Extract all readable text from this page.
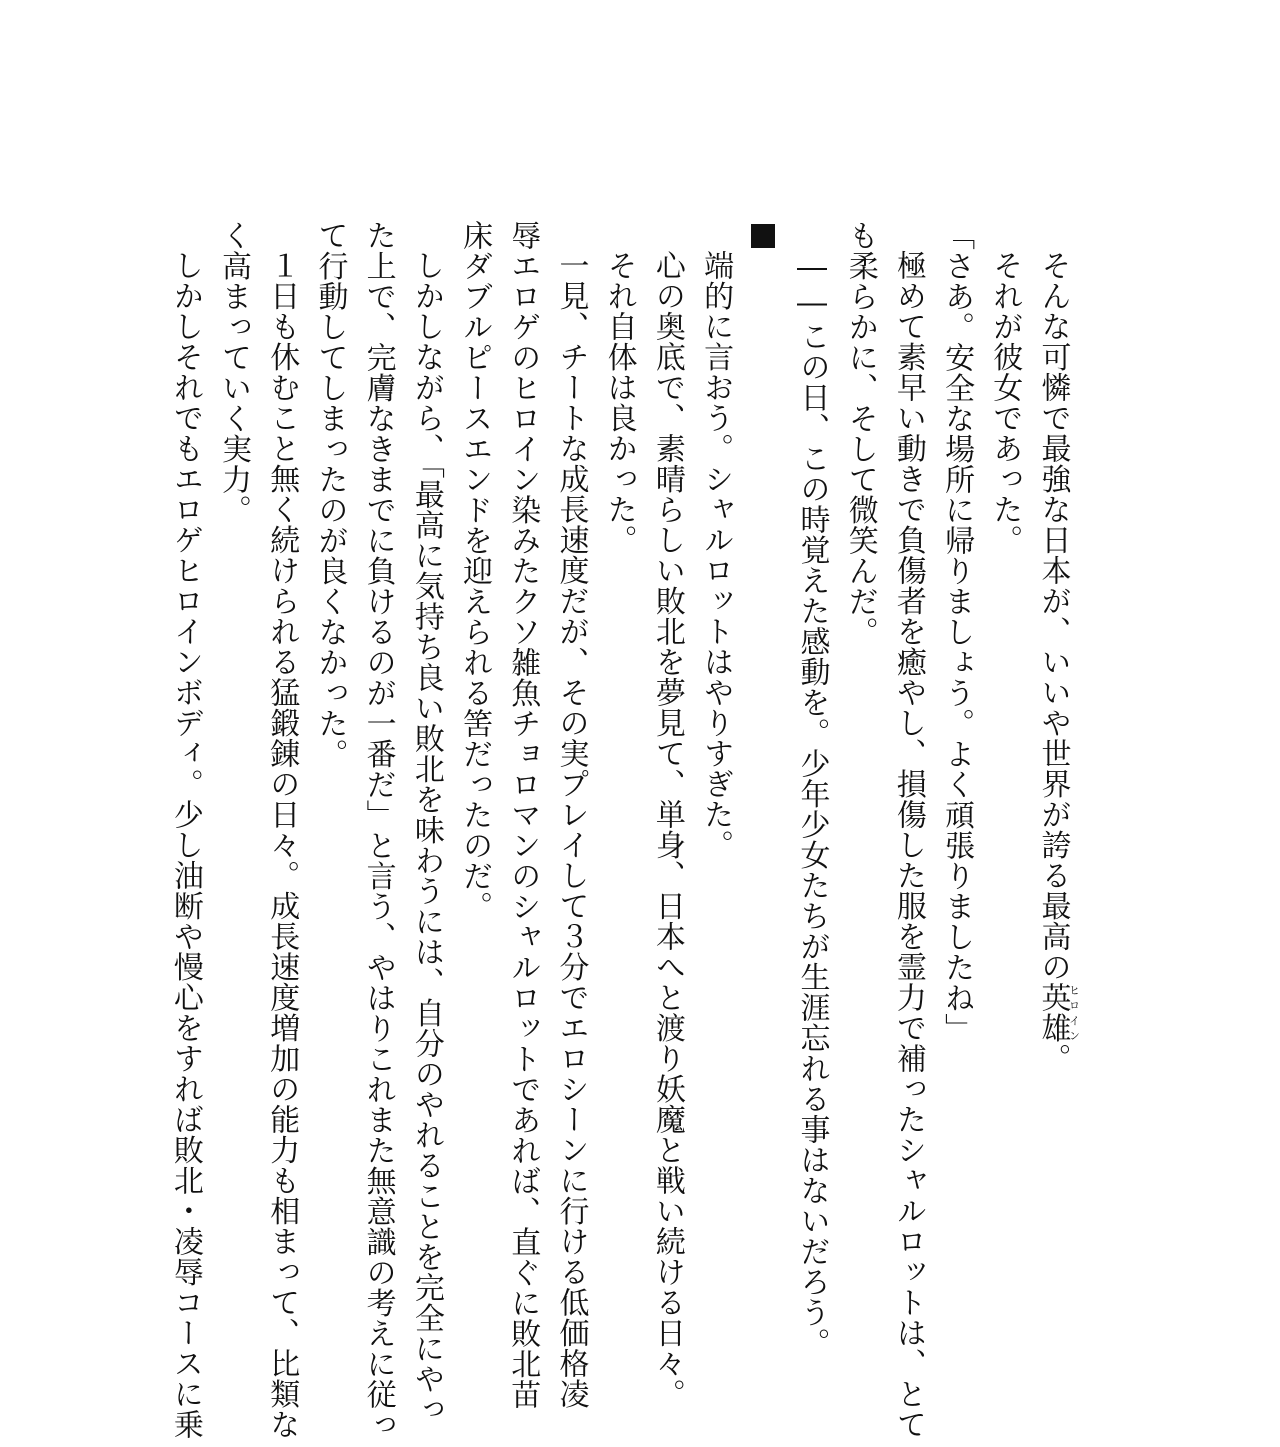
そんな可憐で最強な日本が、いいや世界が誇る最高の英雄ヒロイン。
それが彼女であった。
「さあ。安全な場所に帰りましょう。よく頑張りましたね」
極めて素早い動きで負傷者を癒やし、損傷した服を霊力で補ったシャルロットは、とて
も柔らかに、そして微笑んだ。
――この日、この時覚えた感動を。少年少女たちが生涯忘れる事はないだろう。
端的に言おう。シャルロットはやりすぎた。
心の奥底で、素晴らしい敗北を夢見て、単身、日本へと渡り妖魔と戦い続ける日々。
それ自体は良かった。
一見、チートな成長速度だが、その実プレイして３分でエロシーンに行ける低価格凌
辱エロゲのヒロイン染みたクソ雑魚チョロマンのシャルロットであれば、直ぐに敗北苗
床ダブルピースエンドを迎えられる筈だったのだ。
しかしながら、「最高に気持ち良い敗北を味わうには、自分のやれることを完全にやっ
た上で、完膚なきまでに負けるのが一番だ」と言う、やはりこれまた無意識の考えに従っ
て行動してしまったのが良くなかった。
１日も休むこと無く続けられる猛鍛錬の日々。成長速度増加の能力も相まって、比類な
く高まっていく実力。
しかしそれでもエロゲヒロインボディ。少し油断や慢心をすれば敗北・凌辱コースに乗
